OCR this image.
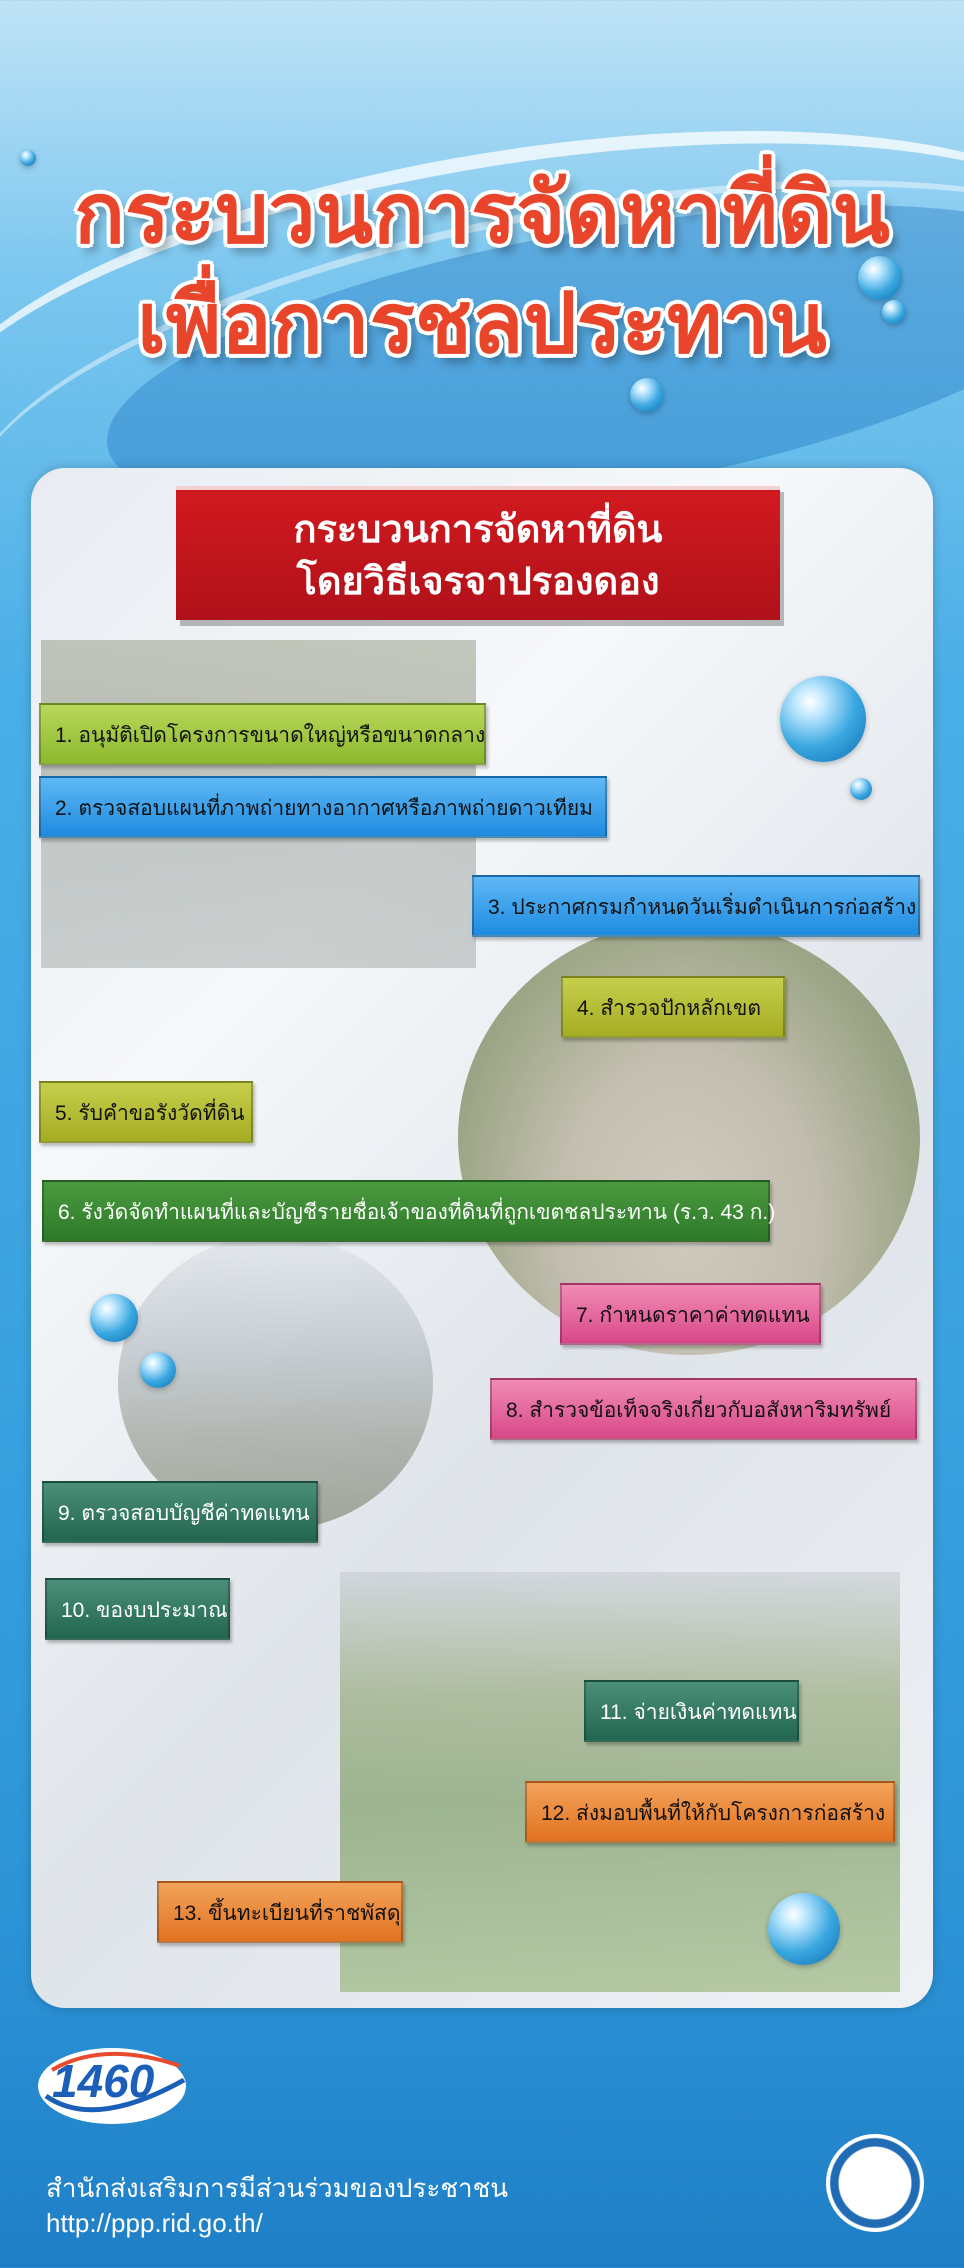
กระบวนการจัดหาที่ดิน
เพื่อการชลประทาน
กระบวนการจัดหาที่ดิน
โดยวิธีเจรจาปรองดอง
1. อนุมัติเปิดโครงการขนาดใหญ่หรือขนาดกลาง
2. ตรวจสอบแผนที่ภาพถ่ายทางอากาศหรือภาพถ่ายดาวเทียม
3. ประกาศกรมกำหนดวันเริ่มดำเนินการก่อสร้าง
4. สำรวจปักหลักเขต
5. รับคำขอรังวัดที่ดิน
6. รังวัดจัดทำแผนที่และบัญชีรายชื่อเจ้าของที่ดินที่ถูกเขตชลประทาน (ร.ว. 43 ก.)
7. กำหนดราคาค่าทดแทน
8. สำรวจข้อเท็จจริงเกี่ยวกับอสังหาริมทรัพย์
9. ตรวจสอบบัญชีค่าทดแทน
10. ของบประมาณ
11. จ่ายเงินค่าทดแทน
12. ส่งมอบพื้นที่ให้กับโครงการก่อสร้าง
13. ขึ้นทะเบียนที่ราชพัสดุ
1460
สำนักส่งเสริมการมีส่วนร่วมของประชาชน
http://ppp.rid.go.th/
